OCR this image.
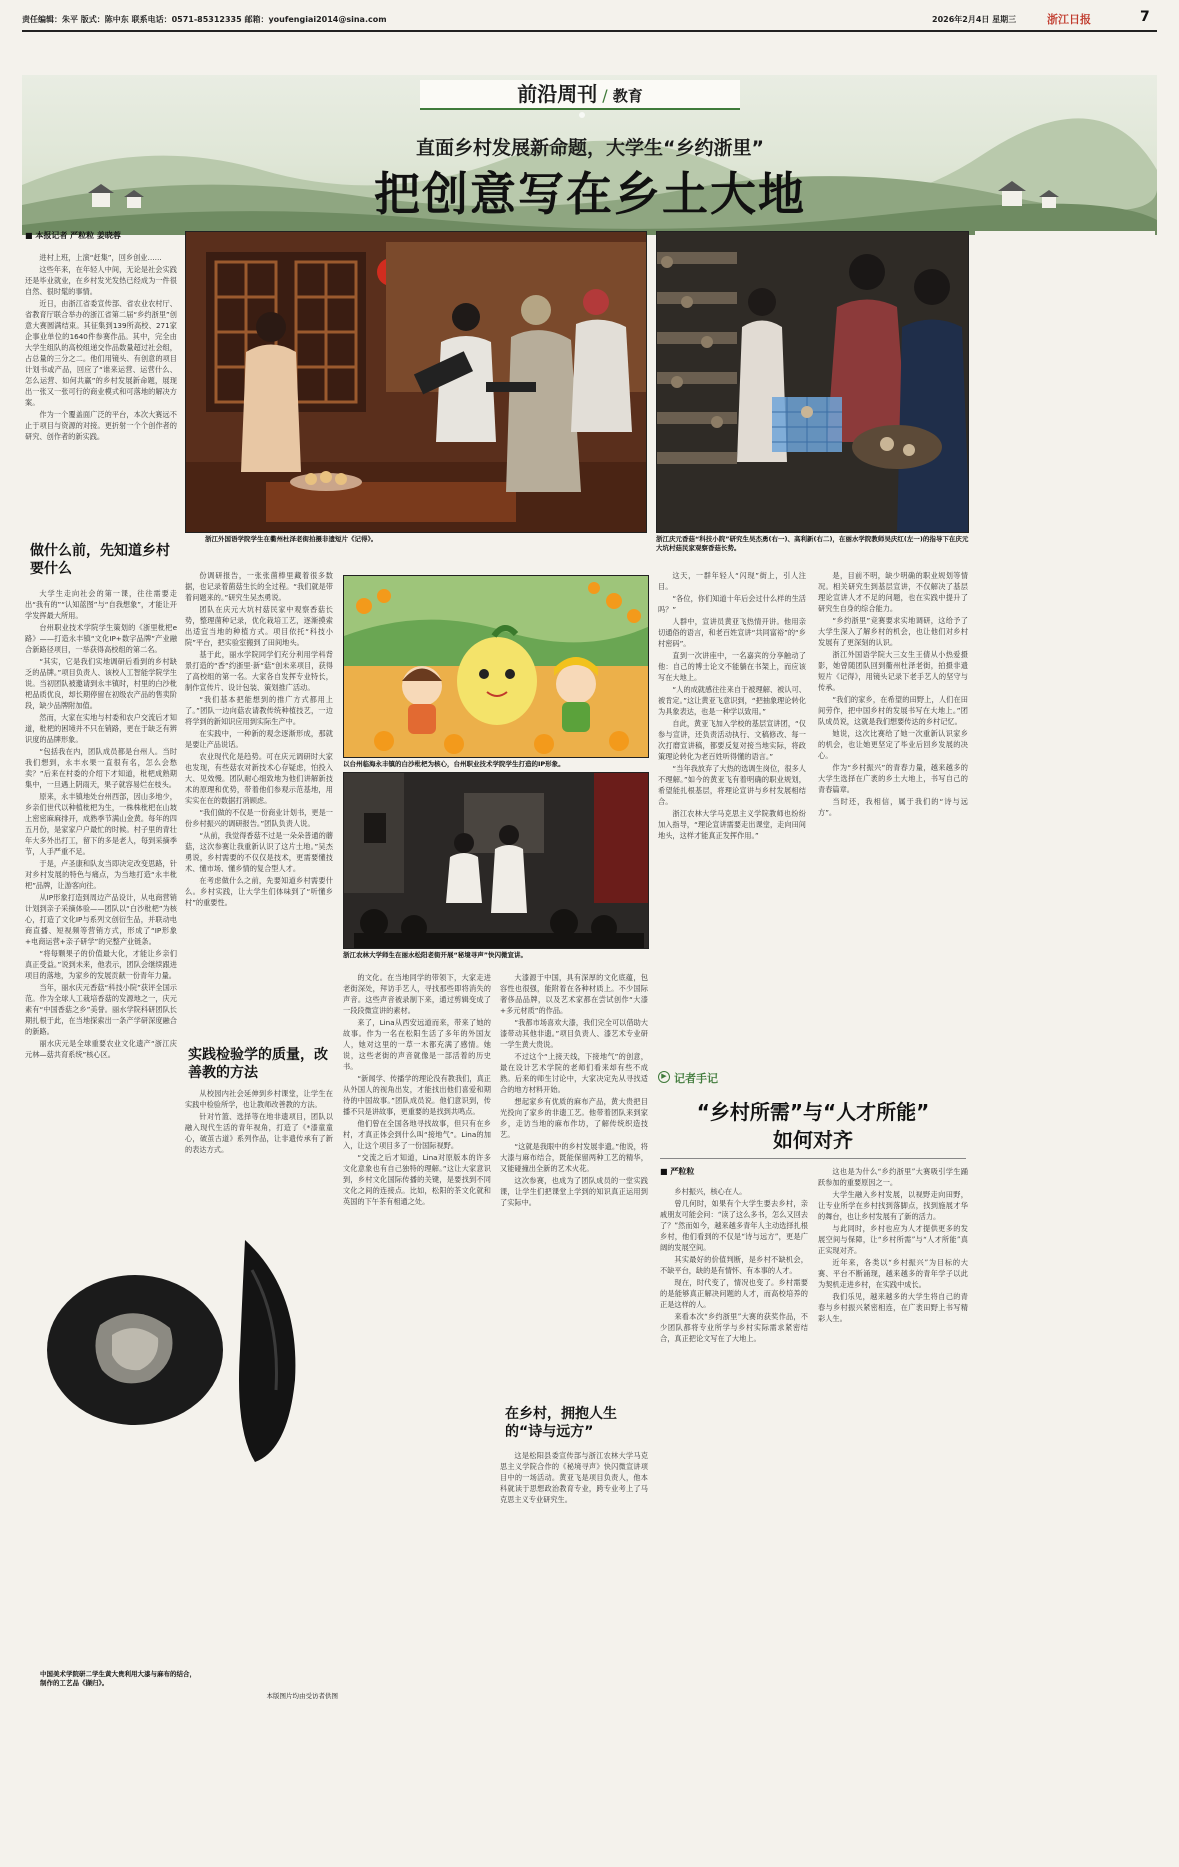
责任编辑：朱平 版式：陈中东 联系电话：0571-85312335 邮箱：youfengiai2014@sina.com	2026年2月4日 星期三	浙江日报	7
前沿周刊 / 教育
直面乡村发展新命题，大学生“乡约浙里”
把创意写在乡土大地
■ 本报记者 严粒粒 姜晓蓉

进村上班，上演“赶集”，回乡创业……

这些年来，在年轻人中间，无论是社会实践还是毕业就业，在乡村发光发热已经成为一件很自然、很时髦的事情。

近日，由浙江省委宣传部、省农业农村厅、省教育厅联合举办的浙江省第二届“乡约浙里”创意大赛圆满结束。其征集到139所高校、271家企事业单位的1640件参赛作品。其中，完全由大学生组队的高校组递交作品数量超过社会组，占总量的三分之二。他们用镜头、有创意的项目计划书或产品，回应了“谁来运营、运营什么、怎么运营、如何共赢”的乡村发展新命题，展现出一张又一张可行的商业模式和可落地的解决方案。

作为一个覆盖面广泛的平台，本次大赛远不止于项目与资源的对接。更折射一个个创作者的研究、创作者的新实践。

浙江外国语学院学生在衢州杜泽老街拍摄非遗短片《记得》。	浙江庆元香菇“科技小院”研究生吴杰勇(右一)、高利新(右二)，在丽水学院教师吴庆红(左一)的指导下在庆元大坑村菇民家观察香菇长势。
做什么前，先知道乡村要什么

大学生走向社会的第一课，往往需要走出“我有的”“认知蓝图”与“自我想象”，才能让开学发挥最大所用。

台州职业技术学院学生策划的《浙里枇杷e路》——打造永丰镇“文化IP+数字品牌”产业融合新路径项目，一举获得高校组的第二名。

“其实，它是我们实地调研后看到的乡村缺乏的品牌。”项目负责人、该校人工智能学院学生说。当初团队被邀请到永丰镇时，村里的白沙枇杷品质优良，却长期停留在初级农产品的售卖阶段，缺少品牌附加值。

然而，大家在实地与村委和农户交流后才知道，枇杷的困境并不只在销路，更在于缺乏有辨识度的品牌形象。

“包括我在内，团队成员都是台州人。当时我们想到，永丰水果一直很有名，怎么会愁卖？”后来在村委的介绍下才知道，枇杷成熟期集中，一旦遇上阴雨天，果子就容易烂在枝头。

原来，永丰镇地处台州西部，因山多地少，乡亲们世代以种植枇杷为生，一株株枇杷在山坡上密密麻麻排开，成熟季节满山金黄。每年的四五月份，是家家户户最忙的时候。村子里的青壮年大多外出打工，留下的多是老人，每到采摘季节，人手严重不足。

于是，卢圣康和队友当即决定改变思路，针对乡村发展的特色与痛点，为当地打造“永丰枇杷”品牌，让游客向往。

从IP形象打造到周边产品设计，从电商营销计划到亲子采摘体验——团队以“白沙枇杷”为核心，打造了文化IP与系列文创衍生品，并联动电商直播、短视频等营销方式，形成了“IP形象+电商运营+亲子研学”的完整产业链条。

“将每颗果子的价值最大化，才能让乡亲们真正受益。”说到未来，他表示，团队会继续跟进项目的落地，为家乡的发展贡献一份青年力量。

当年，丽水庆元香菇“科技小院”获评全国示范。作为全球人工栽培香菇的发源地之一，庆元素有“中国香菇之乡”美誉。丽水学院科研团队长期扎根于此，在当地探索出一条产学研深度融合的新路。

丽水庆元是全球重要农业文化遗产“浙江庆元林—菇共育系统”核心区。

份调研报告，一张张菌棒里藏着很多数据，也记录着菌菇生长的全过程。“我们就是带着问题来的。”研究生吴杰勇说。

团队在庆元大坑村菇民家中观察香菇长势，整理菌种记录，优化栽培工艺，逐渐摸索出适宜当地的种植方式。项目依托“科技小院”平台，把实验室搬到了田间地头。

基于此，丽水学院同学们充分利用学科背景打造的“香”约浙里·新“菇”创未来项目，获得了高校组的第一名。大家各自发挥专业特长，制作宣传片、设计包装、策划推广活动。

“我们基本把能想到的推广方式都用上了。”团队一边向菇农请教传统种植技艺，一边将学到的新知识应用到实际生产中。

在实践中，一种新的观念逐渐形成，那就是要让产品说话。

农业现代化是趋势。可在庆元调研时大家也发现，有些菇农对新技术心存疑虑，怕投入大、见效慢。团队耐心细致地为他们讲解新技术的原理和优势，带着他们参观示范基地，用实实在在的数据打消顾虑。

“我们做的不仅是一份商业计划书，更是一份乡村振兴的调研报告。”团队负责人说。

“从前，我觉得香菇不过是一朵朵普通的蘑菇，这次参赛让我重新认识了这片土地。”吴杰勇说，乡村需要的不仅仅是技术，更需要懂技术、懂市场、懂乡情的复合型人才。

在考虑做什么之前，先要知道乡村需要什么。乡村实践，让大学生们体味到了“听懂乡村”的重要性。

以台州临海永丰镇的白沙枇杷为核心，台州职业技术学院学生打造的IP形象。
浙江农林大学师生在丽水松阳老街开展“秘境寻声”快闪微宣讲。
实践检验学的质量，改善教的方法

从校园内社会延伸到乡村课堂，让学生在实践中检验所学，也让教师改善教的方法。

针对竹篮、选择等在地非遗项目，团队以融入现代生活的青年视角，打造了《*漆童童心，破茧古道》系列作品，让非遗传承有了新的表达方式。

中国美术学院研二学生黄大贵利用大漆与麻布的结合，制作的工艺品《撷归》。
本版图片均由受访者供图

的文化。在当地同学的带领下，大家走进老街深处，拜访手艺人，寻找那些即将消失的声音。这些声音被录制下来，通过剪辑变成了一段段微宣讲的素材。

来了，Lina从西安远道而来，带来了她的故事。作为一名在松阳生活了多年的外国友人，她对这里的一草一木都充满了感情。她说，这些老街的声音就像是一部活着的历史书。

“新闻学、传播学的理论没有教我们，真正从外国人的视角出发，才能找出他们喜爱和期待的中国故事。”团队成员说。他们意识到，传播不只是讲故事，更重要的是找到共鸣点。

他们曾在全国各地寻找故事，但只有在乡村，才真正体会到什么叫“接地气”。Lina的加入，让这个项目多了一份国际视野。

“交流之后才知道，Lina对原版本的许多文化意象也有自己独特的理解。”这让大家意识到，乡村文化国际传播的关键，是要找到不同文化之间的连接点。比如，松阳的茶文化就和英国的下午茶有相通之处。

大漆源于中国，具有深厚的文化底蕴，包容性也很强，能附着在各种材质上。不少国际奢侈品品牌，以及艺术家都在尝试创作“大漆+多元材质”的作品。

“我都市场喜欢大漆，我们完全可以借助大漆带动其他非遗。”项目负责人、漆艺术专业研一学生黄大贵说。

不过这个“上接天线，下接地气”的创意，最在设计艺术学院的老师们看来却有些不成熟。后来的师生讨论中，大家决定先从寻找适合的地方材料开始。

想起家乡有优质的麻布产品，黄大贵把目光投向了家乡的非遗工艺。他带着团队来到家乡，走访当地的麻布作坊，了解传统织造技艺。

“这就是我眼中的乡村发展非遗。”他说，将大漆与麻布结合，既能保留两种工艺的精华，又能碰撞出全新的艺术火花。

这次参赛，也成为了团队成员的一堂实践课，让学生们把课堂上学到的知识真正运用到了实际中。

在乡村，拥抱人生的“诗与远方”

这是松阳县委宣传部与浙江农林大学马克思主义学院合作的《秘境寻声》快闪微宣讲项目中的一场活动。黄亚飞是项目负责人，他本科就读于思想政治教育专业，跨专业考上了马克思主义专业研究生。

这天，一群年轻人“闪现”街上，引人注目。

“各位，你们知道十年后会过什么样的生活吗？”

人群中，宣讲员黄亚飞热情开讲。他用亲切通俗的语言，和老百姓宣讲“共同富裕”的“乡村密码”。

直到一次讲座中，一名嘉宾的分享触动了他：自己的博士论文不能躺在书架上，而应该写在大地上。

“人的成就感往往来自于被理解、被认可、被肯定。”这让黄亚飞意识到，“把抽象理论转化为具象表达，也是一种学以致用。”

自此，黄亚飞加入学校的基层宣讲团，“仅参与宣讲，还负责活动执行、文稿修改、每一次打磨宣讲稿，都要反复对接当地实际，将政策理论转化为老百姓听得懂的语言。”

“当年我放弃了大热的选调生岗位，很多人不理解。”如今的黄亚飞有着明确的职业规划，希望能扎根基层，将理论宣讲与乡村发展相结合。

浙江农林大学马克思主义学院教师也纷纷加入指导，“理论宣讲需要走出课堂，走向田间地头，这样才能真正发挥作用。”

是，目前不明，缺少明确的职业规划等情况。相关研究生到基层宣讲，不仅解决了基层理论宣讲人才不足的问题，也在实践中提升了研究生自身的综合能力。

“乡约浙里”竞赛要求实地调研，这给予了大学生深入了解乡村的机会，也让他们对乡村发展有了更深刻的认识。

浙江外国语学院大三女生王倩从小热爱摄影，她曾随团队回到衢州杜泽老街，拍摄非遗短片《记得》，用镜头记录下老手艺人的坚守与传承。

“我们的家乡，在希望的田野上，人们在田间劳作，把中国乡村的发展书写在大地上。”团队成员说，这就是我们想要传达的乡村记忆。

她说，这次比赛给了她一次重新认识家乡的机会，也让她更坚定了毕业后回乡发展的决心。

作为“乡村振兴”的青春力量，越来越多的大学生选择在广袤的乡土大地上，书写自己的青春篇章。

当时还，我相信，属于我们的“诗与远方”。

▶ 记者手记
“乡村所需”与“人才所能”
如何对齐
■ 严粒粒

乡村振兴，核心在人。

曾几何时，如果有个大学生要去乡村，亲戚朋友可能会问：“读了这么多书，怎么又回去了？”然而如今，越来越多青年人主动选择扎根乡村，他们看到的不仅是“诗与远方”，更是广阔的发展空间。

其实最好的价值判断，是乡村不缺机会，不缺平台，缺的是有情怀、有本事的人才。

现在，时代变了，情况也变了。乡村需要的是能够真正解决问题的人才，而高校培养的正是这样的人。

来看本次“乡约浙里”大赛的获奖作品，不少团队都将专业所学与乡村实际需求紧密结合，真正把论文写在了大地上。

这也是为什么“乡约浙里”大赛吸引学生踊跃参加的重要原因之一。

大学生融入乡村发展，以视野走向田野，让专业所学在乡村找到落脚点，找到施展才华的舞台，也让乡村发展有了新的活力。

与此同时，乡村也应为人才提供更多的发展空间与保障，让“乡村所需”与“人才所能”真正实现对齐。

近年来，各类以“乡村振兴”为目标的大赛、平台不断涌现，越来越多的青年学子以此为契机走进乡村，在实践中成长。

我们乐见，越来越多的大学生将自己的青春与乡村振兴紧密相连，在广袤田野上书写精彩人生。
